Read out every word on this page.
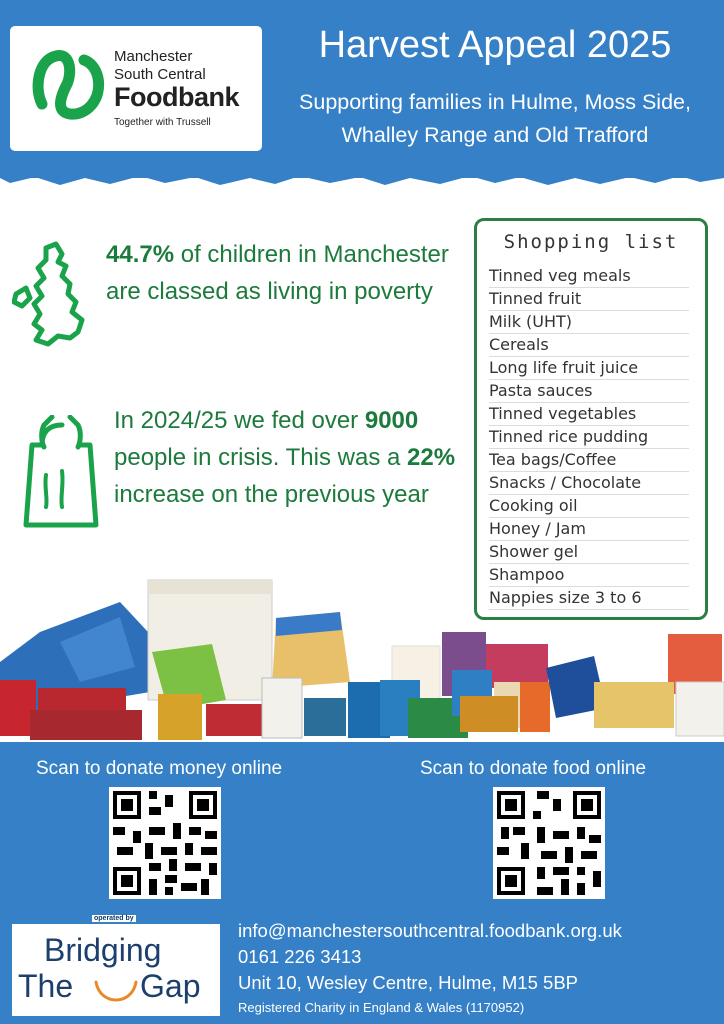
Manchester
South Central
Foodbank
Together with Trussell
Harvest Appeal 2025
Supporting families in Hulme, Moss Side, Whalley Range and Old Trafford
44.7% of children in Manchester are classed as living in poverty
In 2024/25 we fed over 9000 people in crisis. This was a 22% increase on the previous year
Shopping list
Tinned veg meals
Tinned fruit
Milk (UHT)
Cereals
Long life fruit juice
Pasta sauces
Tinned vegetables
Tinned rice pudding
Tea bags/Coffee
Snacks / Chocolate
Cooking oil
Honey / Jam
Shower gel
Shampoo
Nappies size 3 to 6
Scan to donate money online	Scan to donate food online
operated by
Bridging
The Gap
info@manchestersouthcentral.foodbank.org.uk
0161 226 3413
Unit 10, Wesley Centre, Hulme, M15 5BP
Registered Charity in England & Wales (1170952)
